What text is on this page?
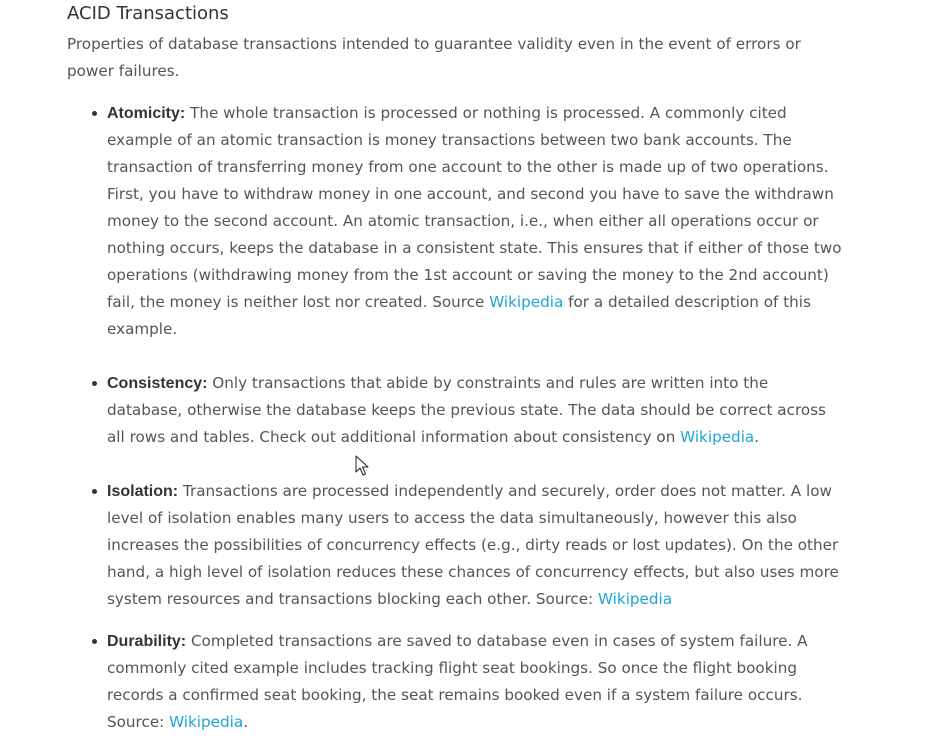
ACID Transactions

Properties of database transactions intended to guarantee validity even in the event of errors or power failures.

Atomicity: The whole transaction is processed or nothing is processed. A commonly cited example of an atomic transaction is money transactions between two bank accounts. The transaction of transferring money from one account to the other is made up of two operations. First, you have to withdraw money in one account, and second you have to save the withdrawn money to the second account. An atomic transaction, i.e., when either all operations occur or nothing occurs, keeps the database in a consistent state. This ensures that if either of those two operations (withdrawing money from the 1st account or saving the money to the 2nd account) fail, the money is neither lost nor created. Source Wikipedia for a detailed description of this example.
Consistency: Only transactions that abide by constraints and rules are written into the database, otherwise the database keeps the previous state. The data should be correct across all rows and tables. Check out additional information about consistency on Wikipedia.
Isolation: Transactions are processed independently and securely, order does not matter. A low level of isolation enables many users to access the data simultaneously, however this also increases the possibilities of concurrency effects (e.g., dirty reads or lost updates). On the other hand, a high level of isolation reduces these chances of concurrency effects, but also uses more system resources and transactions blocking each other. Source: Wikipedia
Durability: Completed transactions are saved to database even in cases of system failure. A commonly cited example includes tracking flight seat bookings. So once the flight booking records a confirmed seat booking, the seat remains booked even if a system failure occurs. Source: Wikipedia.
